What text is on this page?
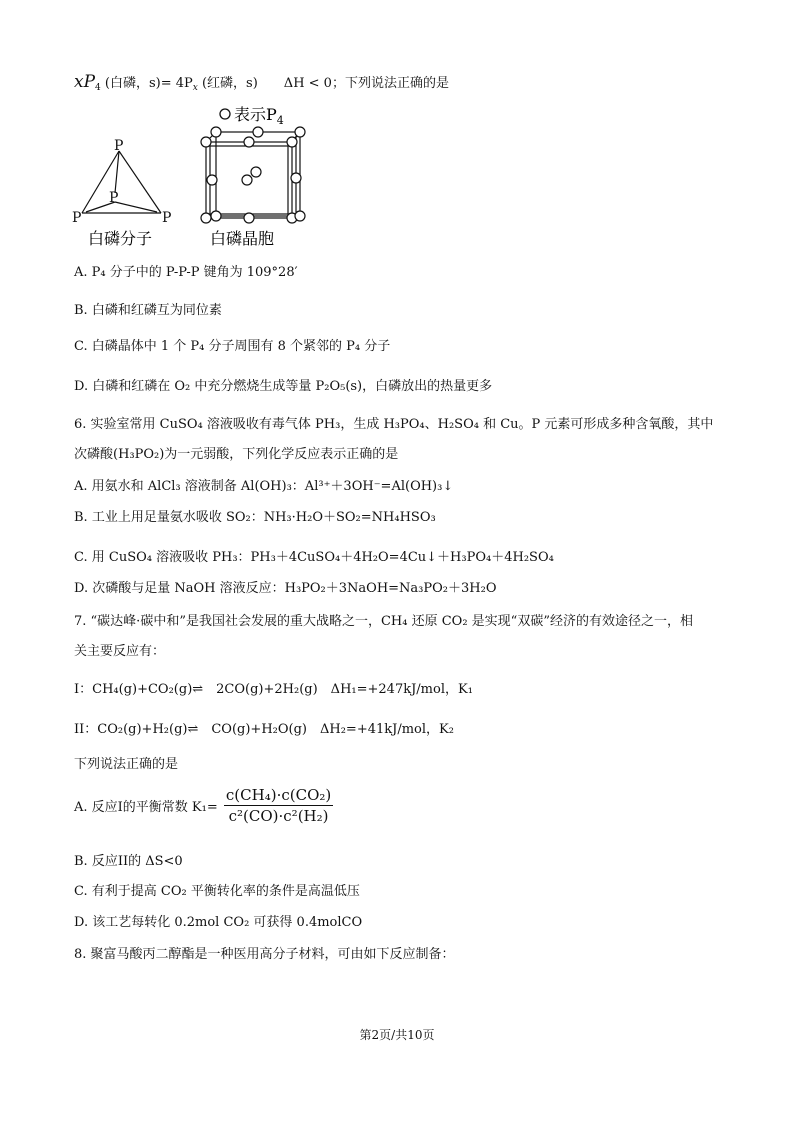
$xP_4$ (白磷，$s)= 4P_x$ (红磷，s)　　ΔH < 0；下列说法正确的是
表示$P_4$
P
P
P	P
白磷分子	白磷晶胞
A. P₄ 分子中的 P-P-P 键角为 109°28′
B. 白磷和红磷互为同位素
C. 白磷晶体中 1 个 P₄ 分子周围有 8 个紧邻的 P₄ 分子
D. 白磷和红磷在 O₂ 中充分燃烧生成等量 P₂O₅(s)，白磷放出的热量更多
6. 实验室常用 CuSO₄ 溶液吸收有毒气体 PH₃，生成 H₃PO₄、H₂SO₄ 和 Cu。P 元素可形成多种含氧酸，其中
次磷酸(H₃PO₂)为一元弱酸，下列化学反应表示正确的是
A. 用氨水和 AlCl₃ 溶液制备 Al(OH)₃：Al³⁺＋3OH⁻=Al(OH)₃↓
B. 工业上用足量氨水吸收 SO₂：NH₃·H₂O＋SO₂=NH₄HSO₃
C. 用 CuSO₄ 溶液吸收 PH₃：PH₃＋4CuSO₄＋4H₂O=4Cu↓＋H₃PO₄＋4H₂SO₄
D. 次磷酸与足量 NaOH 溶液反应：H₃PO₂＋3NaOH=Na₃PO₂＋3H₂O
7. “碳达峰·碳中和”是我国社会发展的重大战略之一，CH₄ 还原 CO₂ 是实现“双碳”经济的有效途径之一，相
关主要反应有：
I：CH₄(g)+CO₂(g)⇌　2CO(g)+2H₂(g)　ΔH₁=+247kJ/mol，K₁
II：CO₂(g)+H₂(g)⇌　CO(g)+H₂O(g)　ΔH₂=+41kJ/mol，K₂
下列说法正确的是
A. 反应I的平衡常数 $K_1= \frac{\text{c(CH₄)·c(CO₂)}}{\text{c²(CO)·c²(H₂)}}$
B. 反应II的 ΔS<0
C. 有利于提高 CO₂ 平衡转化率的条件是高温低压
D. 该工艺每转化 0.2mol CO₂ 可获得 0.4molCO
8. 聚富马酸丙二醇酯是一种医用高分子材料，可由如下反应制备：
第2页/共10页
